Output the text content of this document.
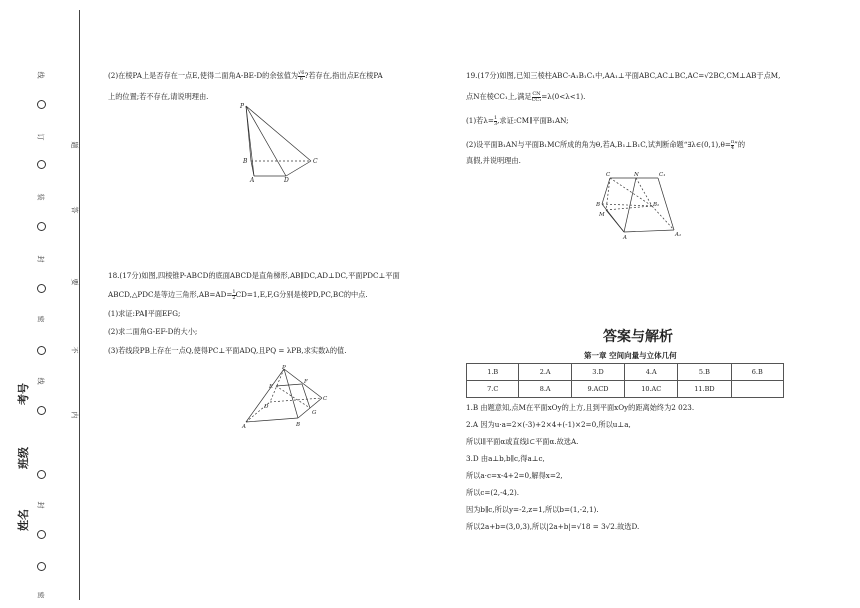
线
订
装
封
密
线
封
密
题
答
要
不
内
考号
班级
姓名
(2)在棱PA上是否存在一点E,使得二面角A-BE-D的余弦值为 $\frac{√6}{6}$ ?若存在,指出点E在棱PA
上的位置;若不存在,请说明理由.
P
B
A	D
C
18.(17分)如图,四棱锥P-ABCD的底面ABCD是直角梯形,AB∥DC,AD⊥DC,平面PDC⊥平面
ABCD,△PDC是等边三角形$,AB=AD= \frac{1}{2} CD=1,E,F,G$分别是棱PD,PC,BC的中点.
(1)求证:PA∥平面EFG;
(2)求二面角G-EF-D的大小;
(3)若线段PB上存在一点Q,使得PC⊥平面ADQ,且PQ = λPB,求实数λ的值.
P
E
F
D
C
A	B
G
19.(17分)如图,已知三棱柱ABC-A₁B₁C₁中,AA₁⊥平面ABC,AC⊥BC,AC=√2BC,CM⊥AB于点M,
点N在棱CC₁上,满足 $\frac{CN}{\text{CC₁}} =\lambda(0<\lambda<1)$.
(1)若$\lambda= \frac{1}{3}$ ,求证:CM∥平面B₁AN;
(2)设平面B₁AN与平面B₁MC所成的角为θ,若A,B₁⊥B₁C,试判断命题“∃λ∈(0,1),θ= $\frac{\pi}{4}$ ”的
真假,并说明理由.
C	N	C₁
B
M
B₁
A	A₁
答案与解析
第一章 空间向量与立体几何
1.B	2.A	3.D	4.A	5.B	6.B
7.C	8.A	9.ACD	10.AC	11.BD	
1.B 由题意知,点M在平面xOy的上方,且到平面xOy的距离始终为2 023.
2.A 因为u·a=2×(-3)+2×4+(-1)×2=0,所以u⊥a,
所以l∥平面α或直线l⊂平面α.故选A.
3.D 由a⊥b,b∥c,得a⊥c,
所以a·c=x-4+2=0,解得x=2,
所以c=(2,-4,2).
因为b∥c,所以y=-2,z=1,所以b=(1,-2,1).
所以2a+b=(3,0,3),所以|2a+b|=√18 = 3√2.故选D.
